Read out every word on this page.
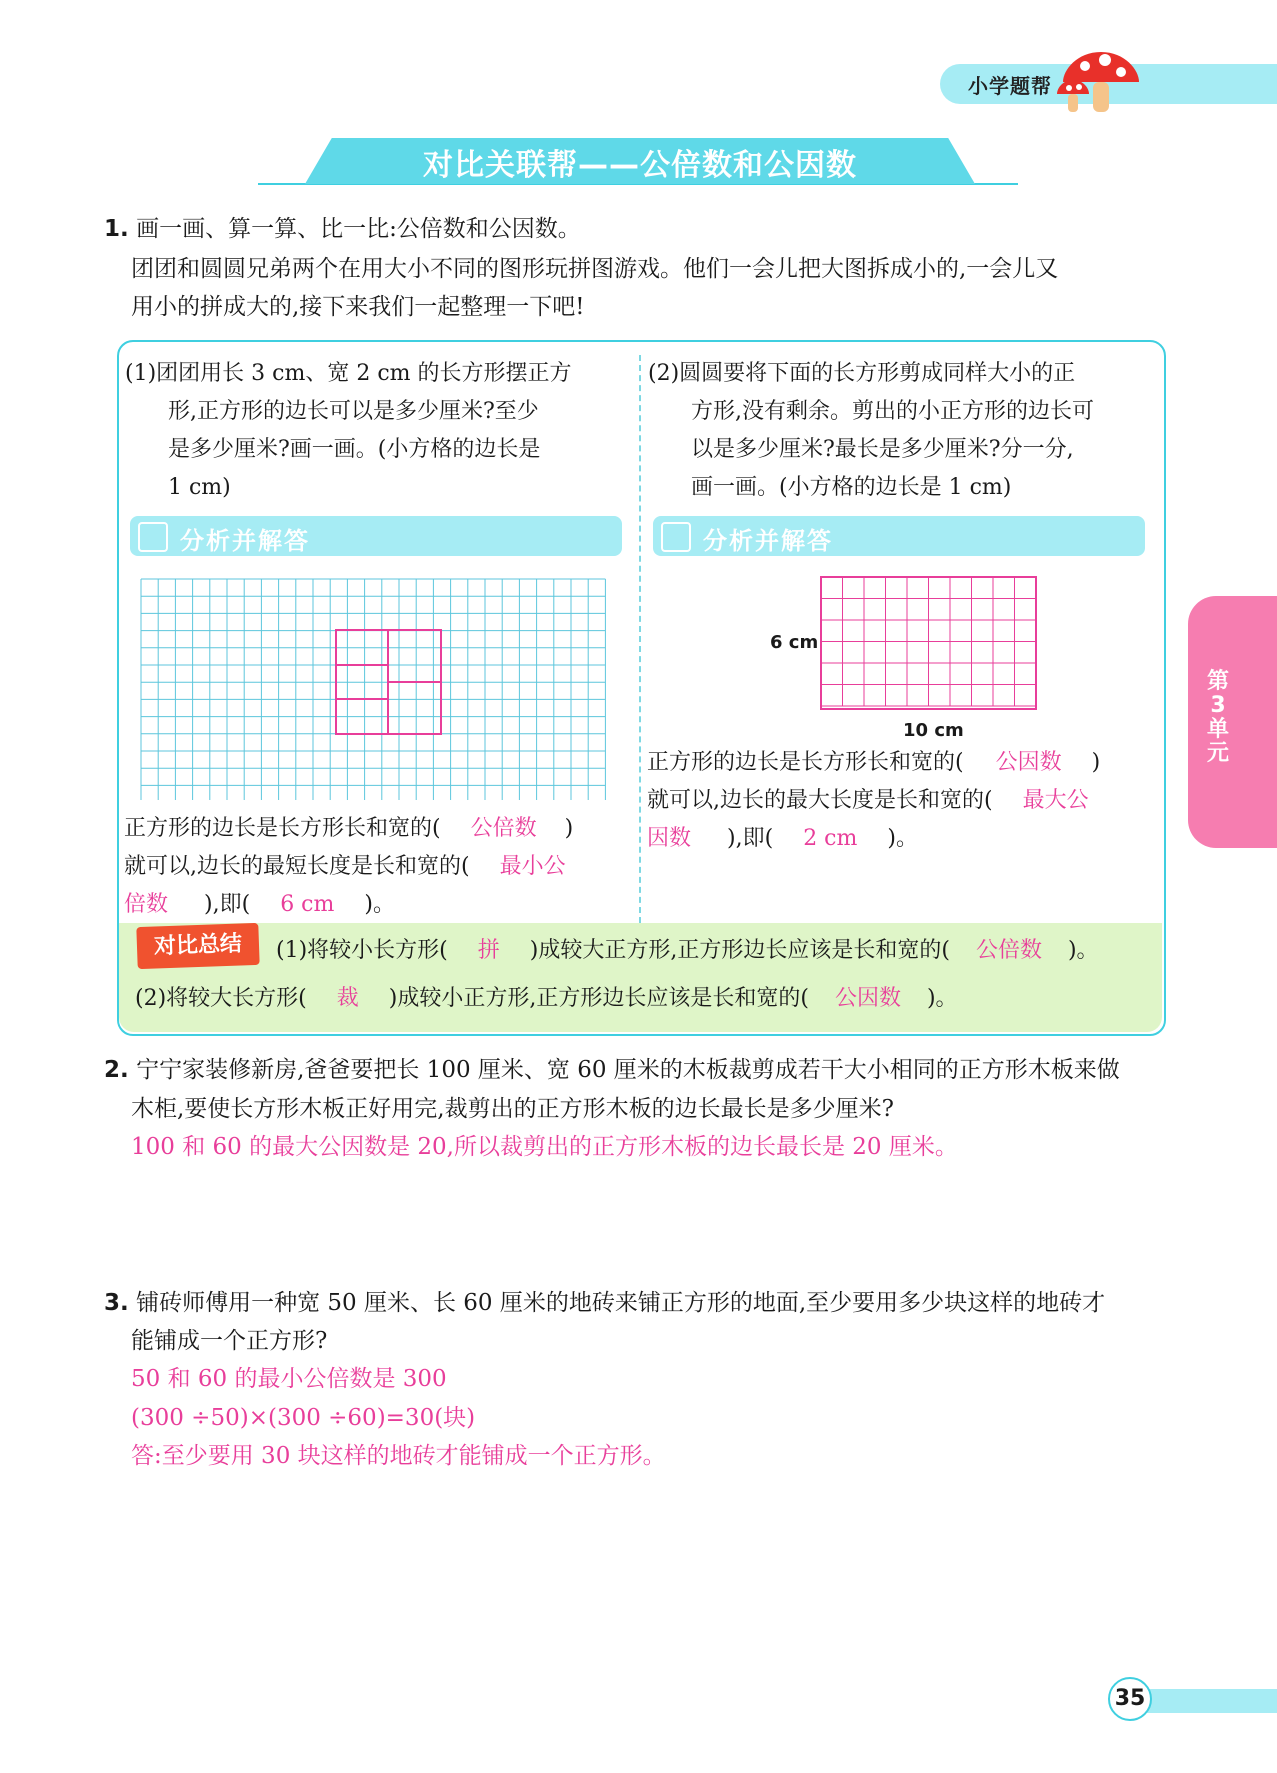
小学题帮
对比关联帮——公倍数和公因数
1. 画一画、算一算、比一比:公倍数和公因数。
团团和圆圆兄弟两个在用大小不同的图形玩拼图游戏。他们一会儿把大图拆成小的,一会儿又
用小的拼成大的,接下来我们一起整理一下吧!
(1)团团用长 3 cm、宽 2 cm 的长方形摆正方
形,正方形的边长可以是多少厘米?至少
是多少厘米?画一画。(小方格的边长是
1 cm)
分析并解答
正方形的边长是长方形长和宽的( 公倍数 )
就可以,边长的最短长度是长和宽的( 最小公
倍数 ),即( 6 cm )。
(2)圆圆要将下面的长方形剪成同样大小的正
方形,没有剩余。剪出的小正方形的边长可
以是多少厘米?最长是多少厘米?分一分,
画一画。(小方格的边长是 1 cm)
分析并解答
6 cm
10 cm
正方形的边长是长方形长和宽的( 公因数 )
就可以,边长的最大长度是长和宽的( 最大公
因数 ),即( 2 cm )。
对比总结	(1)将较小长方形( 拼 )成较大正方形,正方形边长应该是长和宽的( 公倍数 )。
(2)将较大长方形( 裁 )成较小正方形,正方形边长应该是长和宽的( 公因数 )。
2. 宁宁家装修新房,爸爸要把长 100 厘米、宽 60 厘米的木板裁剪成若干大小相同的正方形木板来做
木柜,要使长方形木板正好用完,裁剪出的正方形木板的边长最长是多少厘米?
100 和 60 的最大公因数是 20,所以裁剪出的正方形木板的边长最长是 20 厘米。
3. 铺砖师傅用一种宽 50 厘米、长 60 厘米的地砖来铺正方形的地面,至少要用多少块这样的地砖才
能铺成一个正方形?
50 和 60 的最小公倍数是 300
(300 ÷50)×(300 ÷60)=30(块)
答:至少要用 30 块这样的地砖才能铺成一个正方形。
第
3
单
元
35
